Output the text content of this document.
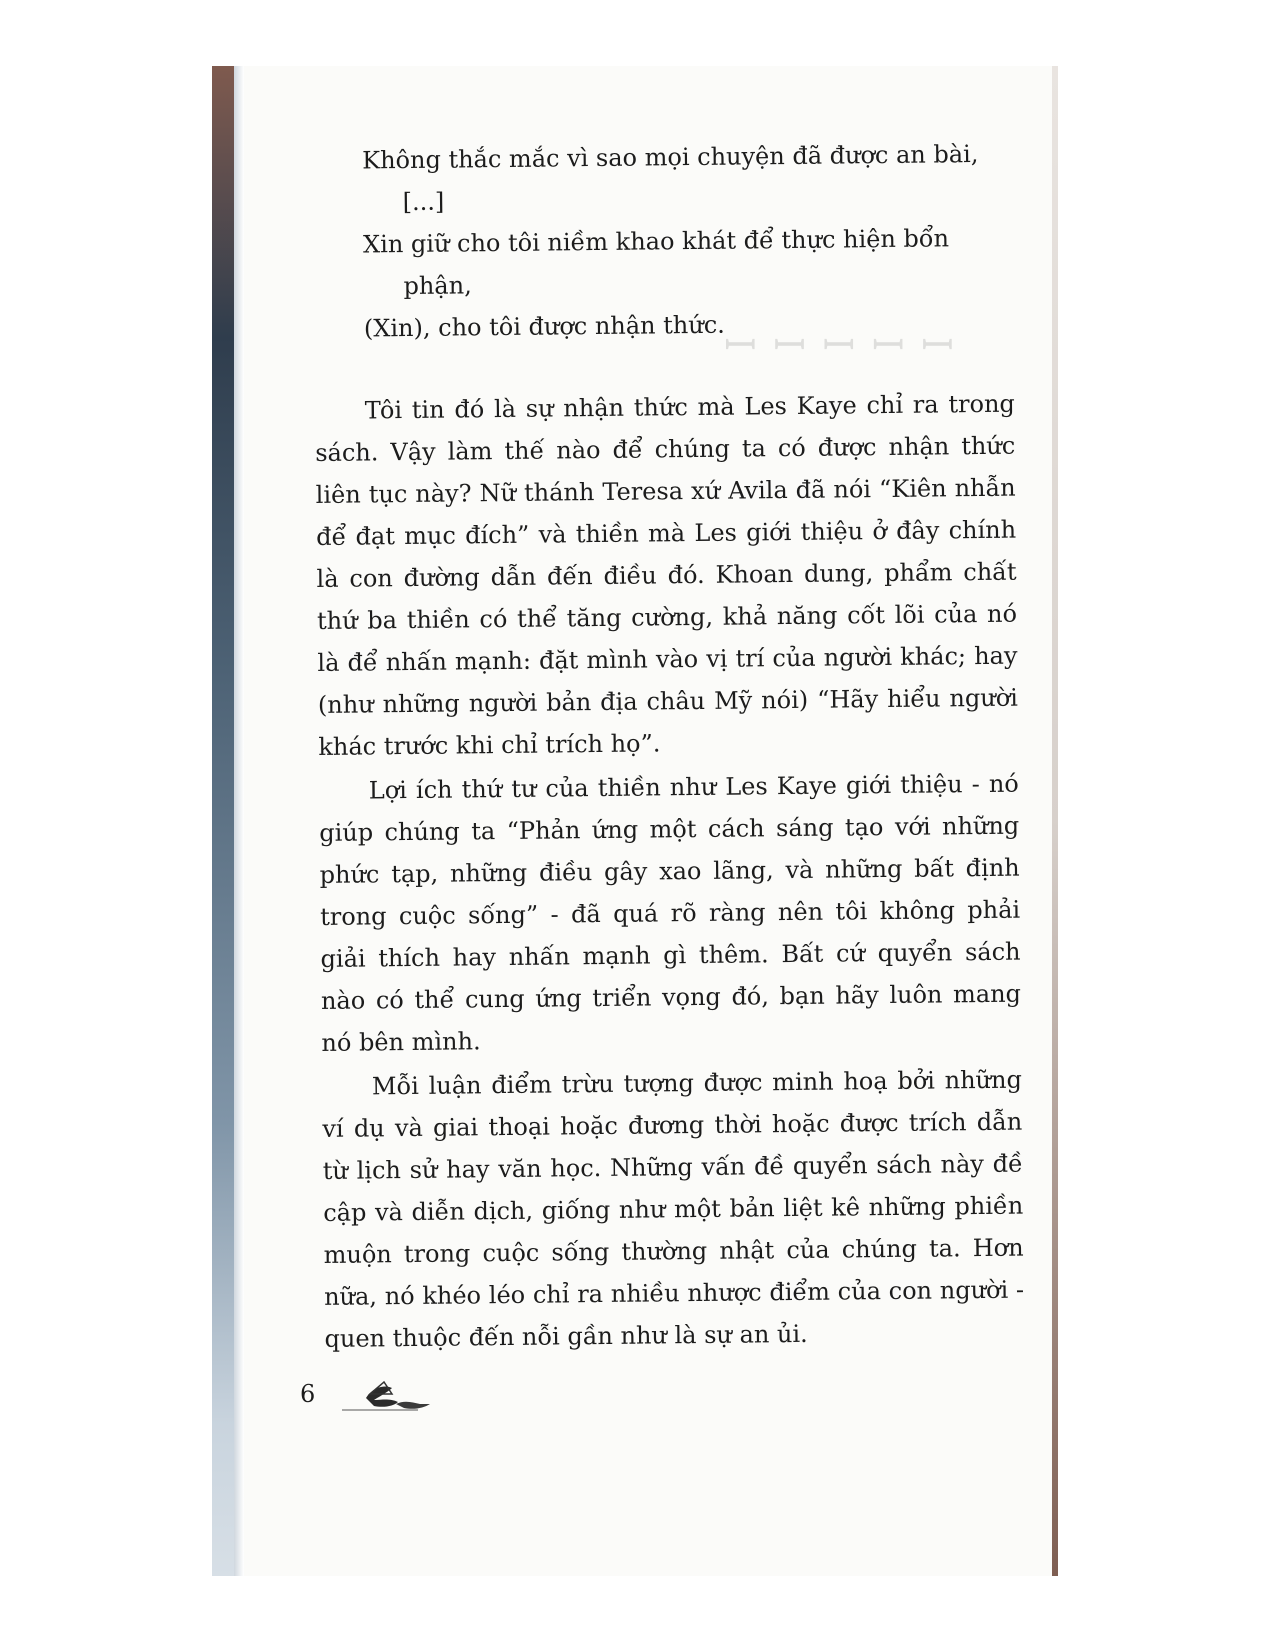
ꟷ ꟷ ꟷ ꟷ ꟷ

Không thắc mắc vì sao mọi chuyện đã được an bài,

[...]

Xin giữ cho tôi niềm khao khát để thực hiện bổn

phận,

(Xin), cho tôi được nhận thức.

Tôi tin đó là sự nhận thức mà Les Kaye chỉ ra trong sách. Vậy làm thế nào để chúng ta có được nhận thức liên tục này? Nữ thánh Teresa xứ Avila đã nói “Kiên nhẫn để đạt mục đích” và thiền mà Les giới thiệu ở đây chính là con đường dẫn đến điều đó. Khoan dung, phẩm chất thứ ba thiền có thể tăng cường, khả năng cốt lõi của nó là để nhấn mạnh: đặt mình vào vị trí của người khác; hay (như những người bản địa châu Mỹ nói) “Hãy hiểu người khác trước khi chỉ trích họ”.

Lợi ích thứ tư của thiền như Les Kaye giới thiệu - nó giúp chúng ta “Phản ứng một cách sáng tạo với những phức tạp, những điều gây xao lãng, và những bất định trong cuộc sống” - đã quá rõ ràng nên tôi không phải giải thích hay nhấn mạnh gì thêm. Bất cứ quyển sách nào có thể cung ứng triển vọng đó, bạn hãy luôn mang nó bên mình.

Mỗi luận điểm trừu tượng được minh hoạ bởi những ví dụ và giai thoại hoặc đương thời hoặc được trích dẫn từ lịch sử hay văn học. Những vấn đề quyển sách này đề cập và diễn dịch, giống như một bản liệt kê những phiền muộn trong cuộc sống thường nhật của chúng ta. Hơn nữa, nó khéo léo chỉ ra nhiều nhược điểm của con người - quen thuộc đến nỗi gần như là sự an ủi.

6
